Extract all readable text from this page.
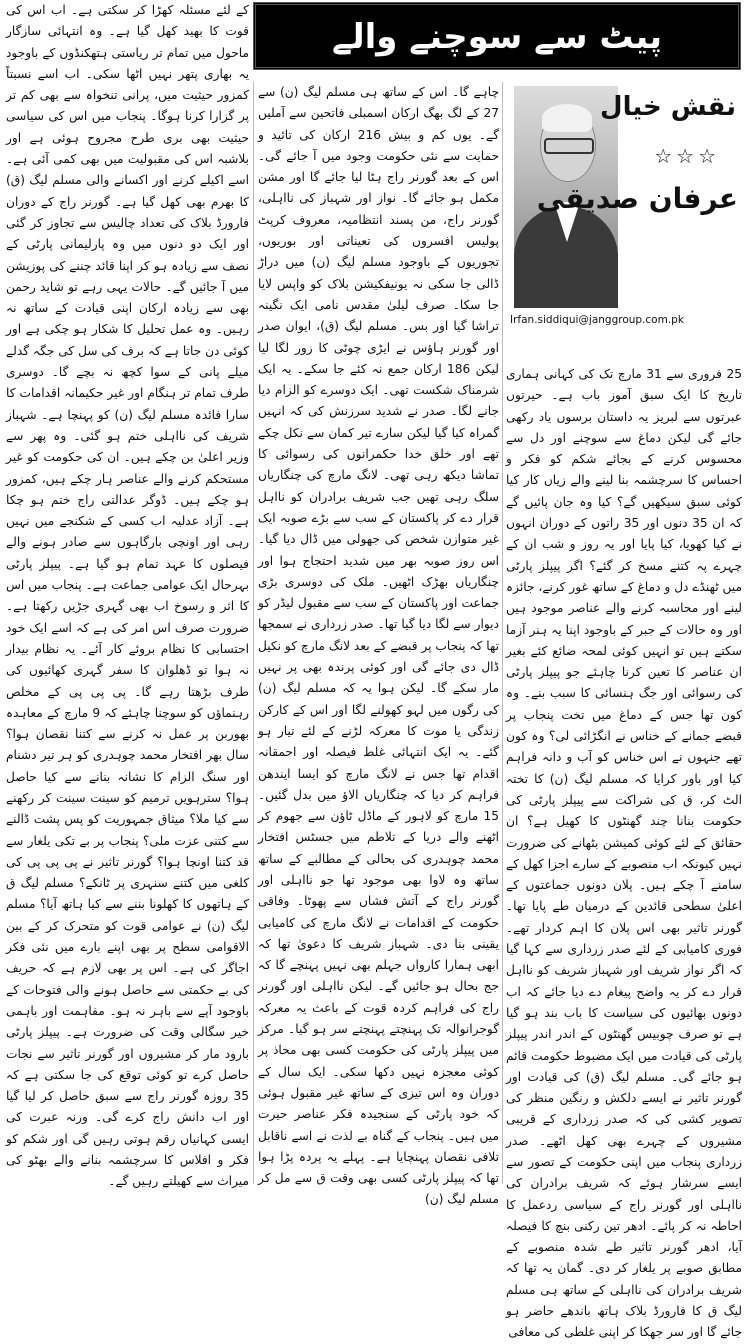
پیٹ سے سوچنے والے
نقش خیال
☆☆☆
عرفان صدیقی
Irfan.siddiqui@janggroup.com.pk

25 فروری سے 31 مارچ تک کی کہانی ہماری تاریخ کا ایک سبق آموز باب ہے۔ حیرتوں عبرتوں سے لبریز یہ داستان برسوں یاد رکھی جائے گی لیکن دماغ سے سوچنے اور دل سے محسوس کرنے کے بجائے شکم کو فکر و احساس کا سرچشمہ بنا لینے والے زیاں کار کیا کوئی سبق سیکھیں گے؟ کیا وہ جان پائیں گے کہ ان 35 دنوں اور 35 راتوں کے دوران انہوں نے کیا کھویا، کیا پایا اور یہ روز و شب ان کے چہرے پہ کتنے مسخ کر گئے؟ اگر پیپلز پارٹی میں ٹھنڈے دل و دماغ کے ساتھ غور کرنے، جائزہ لینے اور محاسبہ کرنے والے عناصر موجود ہیں اور وہ حالات کے جبر کے باوجود اپنا یہ ہنر آزما سکتے ہیں تو انہیں کوئی لمحہ ضائع کئے بغیر ان عناصر کا تعین کرنا چاہئے جو پیپلز پارٹی کی رسوائی اور جگ ہنسائی کا سبب بنے۔ وہ کون تھا جس کے دماغ میں تخت پنجاب پر قبضے جمانے کے خناس نے انگڑائی لی؟ وہ کون تھے جنہوں نے اس خناس کو آب و دانہ فراہم کیا اور باور کرایا کہ مسلم لیگ (ن) کا تختہ الٹ کر، ق کی شراکت سے پیپلز پارٹی کی حکومت بنانا چند گھنٹوں کا کھیل ہے؟ ان حقائق کے لئے کوئی کمیشن بٹھانے کی ضرورت نہیں کیونکہ اب منصوبے کے سارے اجزا کھل کے سامنے آ چکے ہیں۔ پلان دونوں جماعتوں کے اعلیٰ سطحی قائدین کے درمیان طے پایا تھا۔ گورنر تاثیر بھی اس پلان کا اہم کردار تھے۔ فوری کامیابی کے لئے صدر زرداری سے کہا گیا کہ اگر نواز شریف اور شہباز شریف کو نااہل قرار دے کر یہ واضح پیغام دے دیا جائے کہ اب دونوں بھائیوں کی سیاست کا باب بند ہو گیا ہے تو صرف چوبیس گھنٹوں کے اندر اندر پیپلز پارٹی کی قیادت میں ایک مضبوط حکومت قائم ہو جائے گی۔ مسلم لیگ (ق) کی قیادت اور گورنر تاثیر نے ایسے دلکش و رنگین منظر کی تصویر کشی کی کہ صدر زرداری کے قریبی مشیروں کے چہرے بھی کھل اٹھے۔ صدر زرداری پنجاب میں اپنی حکومت کے تصور سے ایسے سرشار ہوئے کہ شریف برادران کی نااہلی اور گورنر راج کے سیاسی ردعمل کا احاطہ نہ کر پائے۔ ادھر تین رکنی بنچ کا فیصلہ آیا، ادھر گورنر تاثیر طے شدہ منصوبے کے مطابق صوبے پر یلغار کر دی۔ گمان یہ تھا کہ شریف برادران کی نااہلی کے ساتھ ہی مسلم لیگ ق کا فارورڈ بلاک ہاتھ باندھے حاضر ہو جائے گا اور سر جھکا کر اپنی غلطی کی معافی

چاہے گا۔ اس کے ساتھ ہی مسلم لیگ (ن) سے 27 کے لگ بھگ ارکان اسمبلی فاتحین سے آملیں گے۔ یوں کم و بیش 216 ارکان کی تائید و حمایت سے نئی حکومت وجود میں آ جائے گی۔ اس کے بعد گورنر راج ہٹا لیا جائے گا اور مشن مکمل ہو جائے گا۔ نواز اور شہباز کی نااہلی، گورنر راج، من پسند انتظامیہ، معروف کرپٹ پولیس افسروں کی تعیناتی اور بوریوں، تجوریوں کے باوجود مسلم لیگ (ن) میں دراڑ ڈالی جا سکی نہ یونیفکیشن بلاک کو واپس لایا جا سکا۔ صرف لیلیٰ مقدس نامی ایک نگینہ تراشا گیا اور بس۔ مسلم لیگ (ق)، ایوان صدر اور گورنر ہاؤس نے ایڑی چوٹی کا زور لگا لیا لیکن 186 ارکان جمع نہ کئے جا سکے۔ یہ ایک شرمناک شکست تھی۔ ایک دوسرے کو الزام دیا جانے لگا۔ صدر نے شدید سرزنش کی کہ انہیں گمراہ کیا گیا لیکن سارے تیر کمان سے نکل چکے تھے اور خلق خدا حکمرانوں کی رسوائی کا تماشا دیکھ رہی تھی۔ لانگ مارچ کی چنگاریاں سلگ رہی تھیں جب شریف برادران کو نااہل قرار دے کر پاکستان کے سب سے بڑے صوبہ ایک غیر متوازن شخص کی جھولی میں ڈال دیا گیا۔ اس روز صوبہ بھر میں شدید احتجاج ہوا اور چنگاریاں بھڑک اٹھیں۔ ملک کی دوسری بڑی جماعت اور پاکستان کے سب سے مقبول لیڈر کو دیوار سے لگا دیا گیا تھا۔ صدر زرداری نے سمجھا تھا کہ پنجاب پر قبضے کے بعد لانگ مارچ کو نکیل ڈال دی جائے گی اور کوئی پرندہ بھی پر نہیں مار سکے گا۔ لیکن ہوا یہ کہ مسلم لیگ (ن) کی رگوں میں لہو کھولنے لگا اور اس کے کارکن زندگی یا موت کا معرکہ لڑنے کے لئے تیار ہو گئے۔ یہ ایک انتہائی غلط فیصلہ اور احمقانہ اقدام تھا جس نے لانگ مارچ کو ایسا ایندھن فراہم کر دیا کہ چنگاریاں الاؤ میں بدل گئیں۔ 15 مارچ کو لاہور کے ماڈل ٹاؤن سے جھوم کر اٹھنے والے دریا کے تلاطم میں جسٹس افتخار محمد چوہدری کی بحالی کے مطالبے کے ساتھ ساتھ وہ لاوا بھی موجود تھا جو نااہلی اور گورنر راج کے آتش فشاں سے پھوٹا۔ وفاقی حکومت کے اقدامات نے لانگ مارچ کی کامیابی یقینی بنا دی۔ شہباز شریف کا دعویٰ تھا کہ ابھی ہمارا کارواں جہلم بھی نہیں پہنچے گا کہ جج بحال ہو جائیں گے۔ لیکن نااہلی اور گورنر راج کی فراہم کردہ قوت کے باعث یہ معرکہ گوجرانوالہ تک پہنچتے پہنچتے سر ہو گیا۔ مرکز میں پیپلز پارٹی کی حکومت کسی بھی محاذ پر کوئی معجزہ نہیں دکھا سکی۔ ایک سال کے دوران وہ اس تیزی کے ساتھ غیر مقبول ہوئی کہ خود پارٹی کے سنجیدہ فکر عناصر حیرت میں ہیں۔ پنجاب کے گناہ بے لذت نے اسے ناقابل تلافی نقصان پہنچایا ہے۔ پہلے یہ پردہ پڑا ہوا تھا کہ پیپلز پارٹی کسی بھی وقت ق سے مل کر مسلم لیگ (ن)

کے لئے مسئلہ کھڑا کر سکتی ہے۔ اب اس کی قوت کا بھید کھل گیا ہے۔ وہ انتہائی سازگار ماحول میں تمام تر ریاستی ہتھکنڈوں کے باوجود یہ بھاری پتھر نہیں اٹھا سکی۔ اب اسے نسبتاً کمزور حیثیت میں، پرانی تنخواہ سے بھی کم تر پر گزارا کرنا ہوگا۔ پنجاب میں اس کی سیاسی حیثیت بھی بری طرح مجروح ہوئی ہے اور بلاشبہ اس کی مقبولیت میں بھی کمی آئی ہے۔ اسے اکیلے کرنے اور اکسانے والی مسلم لیگ (ق) کا بھرم بھی کھل گیا ہے۔ گورنر راج کے دوران فارورڈ بلاک کی تعداد چالیس سے تجاوز کر گئی اور ایک دو دنوں میں وہ پارلیمانی پارٹی کے نصف سے زیادہ ہو کر اپنا قائد چننے کی پوزیشن میں آ جائیں گے۔ حالات یہی رہے تو شاید رحمن بھی سے زیادہ ارکان اپنی قیادت کے ساتھ نہ رہیں۔ وہ عمل تحلیل کا شکار ہو چکی ہے اور کوئی دن جاتا ہے کہ برف کی سل کی جگہ گدلے میلے پانی کے سوا کچھ نہ بچے گا۔ دوسری طرف تمام تر ہنگام اور غیر حکیمانہ اقدامات کا سارا فائدہ مسلم لیگ (ن) کو پہنچا ہے۔ شہباز شریف کی نااہلی ختم ہو گئی۔ وہ پھر سے وزیر اعلیٰ بن چکے ہیں۔ ان کی حکومت کو غیر مستحکم کرنے والے عناصر ہار چکے ہیں، کمزور ہو چکے ہیں۔ ڈوگر عدالتی راج ختم ہو چکا ہے۔ آزاد عدلیہ اب کسی کے شکنجے میں نہیں رہی اور اونچی بارگاہوں سے صادر ہونے والے فیصلوں کا عہد تمام ہو گیا ہے۔ پیپلز پارٹی بہرحال ایک عوامی جماعت ہے۔ پنجاب میں اس کا اثر و رسوخ اب بھی گہری جڑیں رکھتا ہے۔ ضرورت صرف اس امر کی ہے کہ اسے ایک خود احتسابی کا نظام بروئے کار آئے۔ یہ نظام بیدار نہ ہوا تو ڈھلوان کا سفر گہری کھائیوں کی طرف بڑھتا رہے گا۔ پی پی پی کے مخلص رہنماؤں کو سوچنا چاہئے کہ 9 مارچ کے معاہدہ بھوربن پر عمل نہ کرنے سے کتنا نقصان ہوا؟ سال بھر افتخار محمد چوہدری کو ہر تیر دشنام اور سنگ الزام کا نشانہ بنانے سے کیا حاصل ہوا؟ سترہویں ترمیم کو سینت سینت کر رکھنے سے کیا ملا؟ میثاق جمہوریت کو پس پشت ڈالنے سے کتنی عزت ملی؟ پنجاب پر بے تکی یلغار سے قد کتنا اونچا ہوا؟ گورنر تاثیر نے پی پی پی کی کلغی میں کتنے سنہری پر ٹانکے؟ مسلم لیگ ق کے ہاتھوں کا کھلونا بننے سے کیا ہاتھ آیا؟ مسلم لیگ (ن) نے عوامی قوت کو متحرک کر کے بین الاقوامی سطح پر بھی اپنے بارے میں نئی فکر اجاگر کی ہے۔ اس پر بھی لازم ہے کہ حریف کی بے حکمتی سے حاصل ہونے والی فتوحات کے باوجود آپے سے باہر نہ ہو۔ مفاہمت اور باہمی خیر سگالی وقت کی ضرورت ہے۔ پیپلز پارٹی بارود مار کر مشیروں اور گورنر تاثیر سے نجات حاصل کرے تو کوئی توقع کی جا سکتی ہے کہ 35 روزہ گورنر راج سے سبق حاصل کر لیا گیا اور اب دانش راج کرے گی۔ ورنہ عبرت کی ایسی کہانیاں رقم ہوتی رہیں گی اور شکم کو فکر و افلاس کا سرچشمہ بنانے والے بھٹو کی میراث سے کھیلتے رہیں گے۔
